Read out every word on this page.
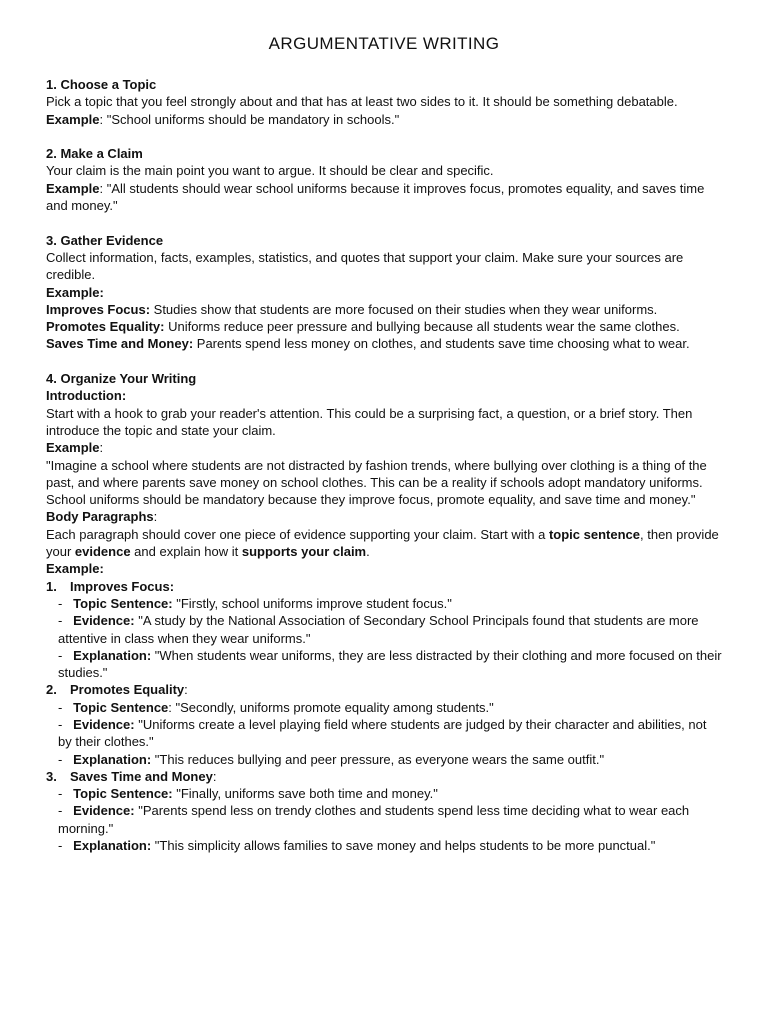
ARGUMENTATIVE WRITING

1. Choose a Topic

Pick a topic that you feel strongly about and that has at least two sides to it. It should be something debatable.

Example: "School uniforms should be mandatory in schools."

2. Make a Claim

Your claim is the main point you want to argue. It should be clear and specific.

Example: "All students should wear school uniforms because it improves focus, promotes equality, and saves time and money."

3. Gather Evidence

Collect information, facts, examples, statistics, and quotes that support your claim. Make sure your sources are credible.

Example:

Improves Focus: Studies show that students are more focused on their studies when they wear uniforms.

Promotes Equality: Uniforms reduce peer pressure and bullying because all students wear the same clothes.

Saves Time and Money: Parents spend less money on clothes, and students save time choosing what to wear.

4. Organize Your Writing

Introduction:

Start with a hook to grab your reader's attention. This could be a surprising fact, a question, or a brief story. Then introduce the topic and state your claim.

Example:

"Imagine a school where students are not distracted by fashion trends, where bullying over clothing is a thing of the past, and where parents save money on school clothes. This can be a reality if schools adopt mandatory uniforms. School uniforms should be mandatory because they improve focus, promote equality, and save time and money."

Body Paragraphs:

Each paragraph should cover one piece of evidence supporting your claim. Start with a topic sentence, then provide your evidence and explain how it supports your claim.

Example:

1. Improves Focus:

-   Topic Sentence: "Firstly, school uniforms improve student focus."

-   Evidence: "A study by the National Association of Secondary School Principals found that students are more attentive in class when they wear uniforms."

-   Explanation: "When students wear uniforms, they are less distracted by their clothing and more focused on their studies."

2. Promotes Equality:

-   Topic Sentence: "Secondly, uniforms promote equality among students."

-   Evidence: "Uniforms create a level playing field where students are judged by their character and abilities, not by their clothes."

-   Explanation: "This reduces bullying and peer pressure, as everyone wears the same outfit."

3. Saves Time and Money:

-   Topic Sentence: "Finally, uniforms save both time and money."

-   Evidence: "Parents spend less on trendy clothes and students spend less time deciding what to wear each morning."

-   Explanation: "This simplicity allows families to save money and helps students to be more punctual."
